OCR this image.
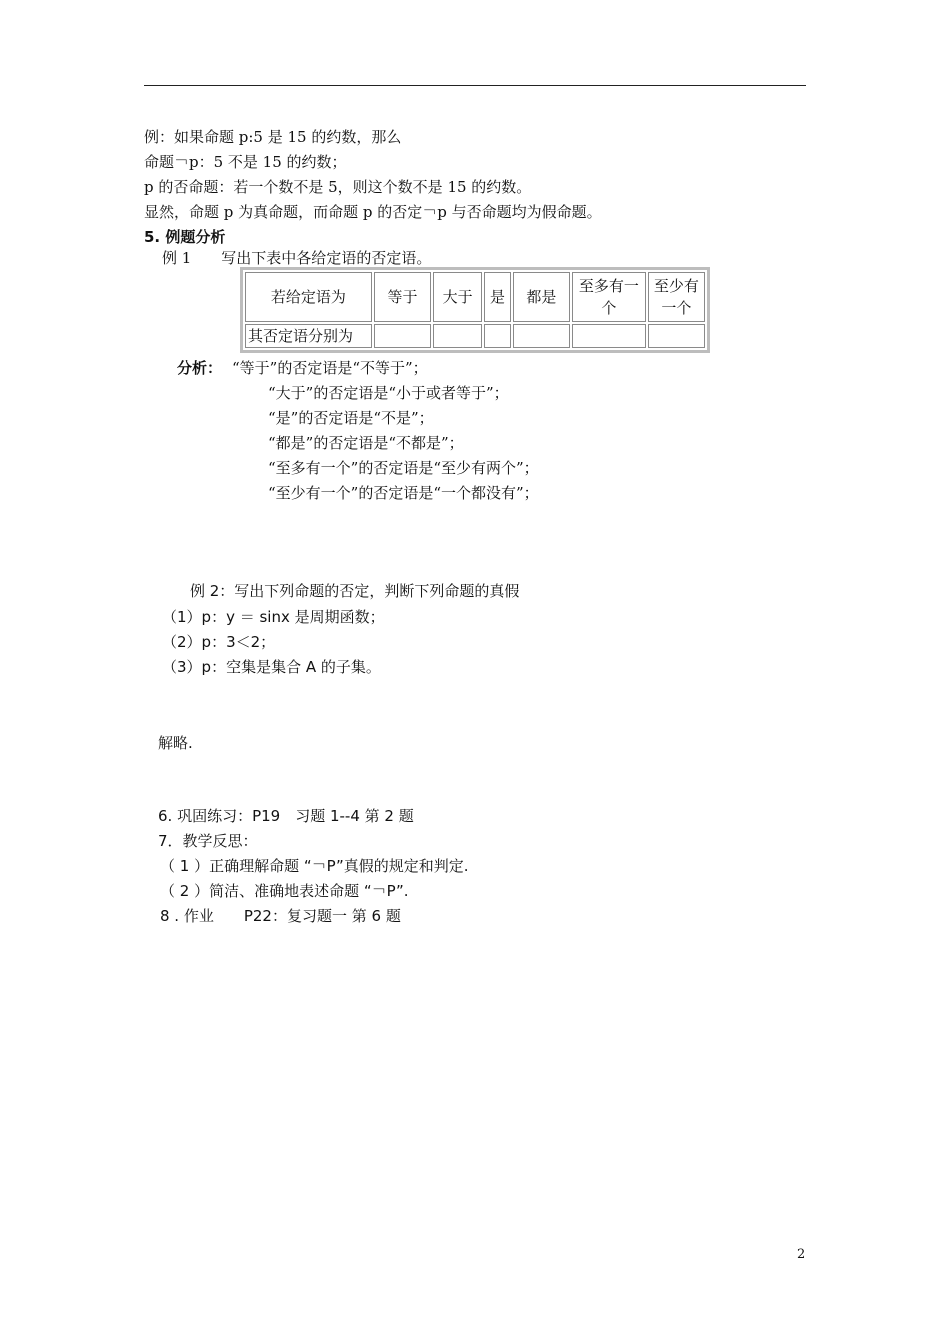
例：如果命题 p:5 是 15 的约数，那么
命题￢p：5 不是 15 的约数；
p 的否命题：若一个数不是 5，则这个数不是 15 的约数。
显然，命题 p 为真命题，而命题 p 的否定￢p 与否命题均为假命题。
5. 例题分析
例 1　　写出下表中各给定语的否定语。
若给定语为	等于	大于	是	都是	至多有一个	至少有一个
其否定语分别为						
分析： “等于”的否定语是“不等于”；
“大于”的否定语是“小于或者等于”；
“是”的否定语是“不是”；
“都是”的否定语是“不都是”；
“至多有一个”的否定语是“至少有两个”；
“至少有一个”的否定语是“一个都没有”；
例 2：写出下列命题的否定，判断下列命题的真假
（1）p：y ＝ sinx 是周期函数；
（2）p：3＜2；
（3）p：空集是集合 A 的子集。
解略.
6. 巩固练习：P19　习题 1--4 第 2 题
7．教学反思：
（ 1 ）正确理解命题 “￢P”真假的规定和判定.
（ 2 ）简洁、准确地表述命题 “￢P”.
8 . 作业　　P22：复习题一 第 6 题
2
